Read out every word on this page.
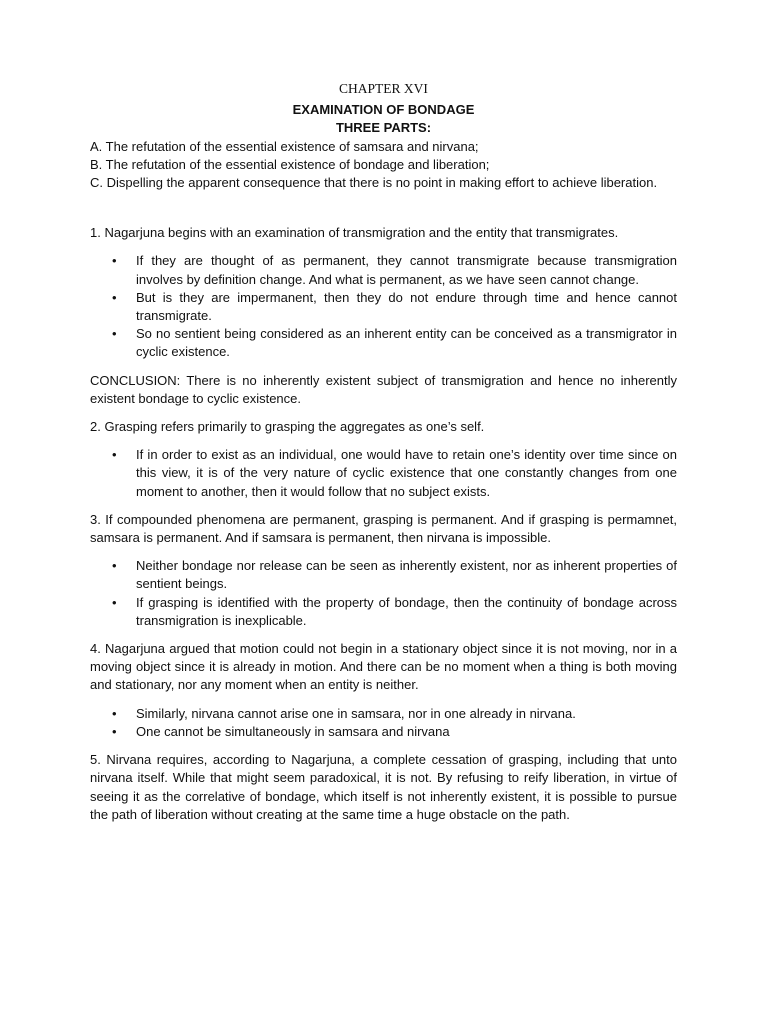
CHAPTER XVI
EXAMINATION OF BONDAGE
THREE PARTS:

A. The refutation of the essential existence of samsara and nirvana;

B. The refutation of the essential existence of bondage and liberation;

C. Dispelling the apparent consequence that there is no point in making effort to achieve liberation.

1. Nagarjuna begins with an examination of transmigration and the entity that transmigrates.

• If they are thought of as permanent, they cannot transmigrate because transmigration involves by definition change. And what is permanent, as we have seen cannot change.
• But is they are impermanent, then they do not endure through time and hence cannot transmigrate.
• So no sentient being considered as an inherent entity can be conceived as a transmigrator in cyclic existence.

CONCLUSION: There is no inherently existent subject of transmigration and hence no inherently existent bondage to cyclic existence.

2. Grasping refers primarily to grasping the aggregates as one’s self.

• If in order to exist as an individual, one would have to retain one’s identity over time since on this view, it is of the very nature of cyclic existence that one constantly changes from one moment to another, then it would follow that no subject exists.

3. If compounded phenomena are permanent, grasping is permanent. And if grasping is permamnet, samsara is permanent. And if samsara is permanent, then nirvana is impossible.

• Neither bondage nor release can be seen as inherently existent, nor as inherent properties of sentient beings.
• If grasping is identified with the property of bondage, then the continuity of bondage across transmigration is inexplicable.

4. Nagarjuna argued that motion could not begin in a stationary object since it is not moving, nor in a moving object since it is already in motion. And there can be no moment when a thing is both moving and stationary, nor any moment when an entity is neither.

• Similarly, nirvana cannot arise one in samsara, nor in one already in nirvana.
• One cannot be simultaneously in samsara and nirvana

5. Nirvana requires, according to Nagarjuna, a complete cessation of grasping, including that unto nirvana itself. While that might seem paradoxical, it is not. By refusing to reify liberation, in virtue of seeing it as the correlative of bondage, which itself is not inherently existent, it is possible to pursue the path of liberation without creating at the same time a huge obstacle on the path.
